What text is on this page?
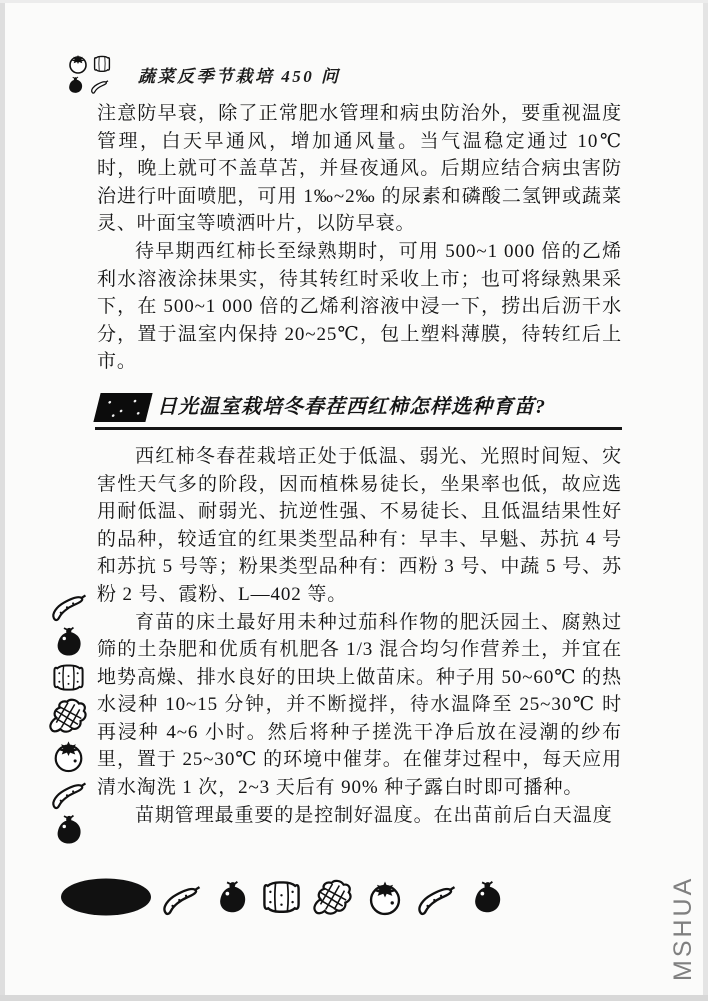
蔬菜反季节栽培 450 问

注意防早衰，除了正常肥水管理和病虫防治外，要重视温度管理，白天早通风，增加通风量。当气温稳定通过 10℃ 时，晚上就可不盖草苫，并昼夜通风。后期应结合病虫害防治进行叶面喷肥，可用 1‰~2‰ 的尿素和磷酸二氢钾或蔬菜灵、叶面宝等喷洒叶片，以防早衰。

待早期西红柿长至绿熟期时，可用 500~1 000 倍的乙烯利水溶液涂抹果实，待其转红时采收上市；也可将绿熟果采下，在 500~1 000 倍的乙烯利溶液中浸一下，捞出后沥干水分，置于温室内保持 20~25℃，包上塑料薄膜，待转红后上市。

日光温室栽培冬春茬西红柿怎样选种育苗?

西红柿冬春茬栽培正处于低温、弱光、光照时间短、灾害性天气多的阶段，因而植株易徒长，坐果率也低，故应选用耐低温、耐弱光、抗逆性强、不易徒长、且低温结果性好的品种，较适宜的红果类型品种有：早丰、早魁、苏抗 4 号和苏抗 5 号等；粉果类型品种有：西粉 3 号、中蔬 5 号、苏粉 2 号、霞粉、L—402 等。

育苗的床土最好用未种过茄科作物的肥沃园土、腐熟过筛的土杂肥和优质有机肥各 1/3 混合均匀作营养土，并宜在地势高燥、排水良好的田块上做苗床。种子用 50~60℃ 的热水浸种 10~15 分钟，并不断搅拌，待水温降至 25~30℃ 时再浸种 4~6 小时。然后将种子搓洗干净后放在浸潮的纱布里，置于 25~30℃ 的环境中催芽。在催芽过程中，每天应用清水淘洗 1 次，2~3 天后有 90% 种子露白时即可播种。

苗期管理最重要的是控制好温度。在出苗前后白天温度

MSHUA
